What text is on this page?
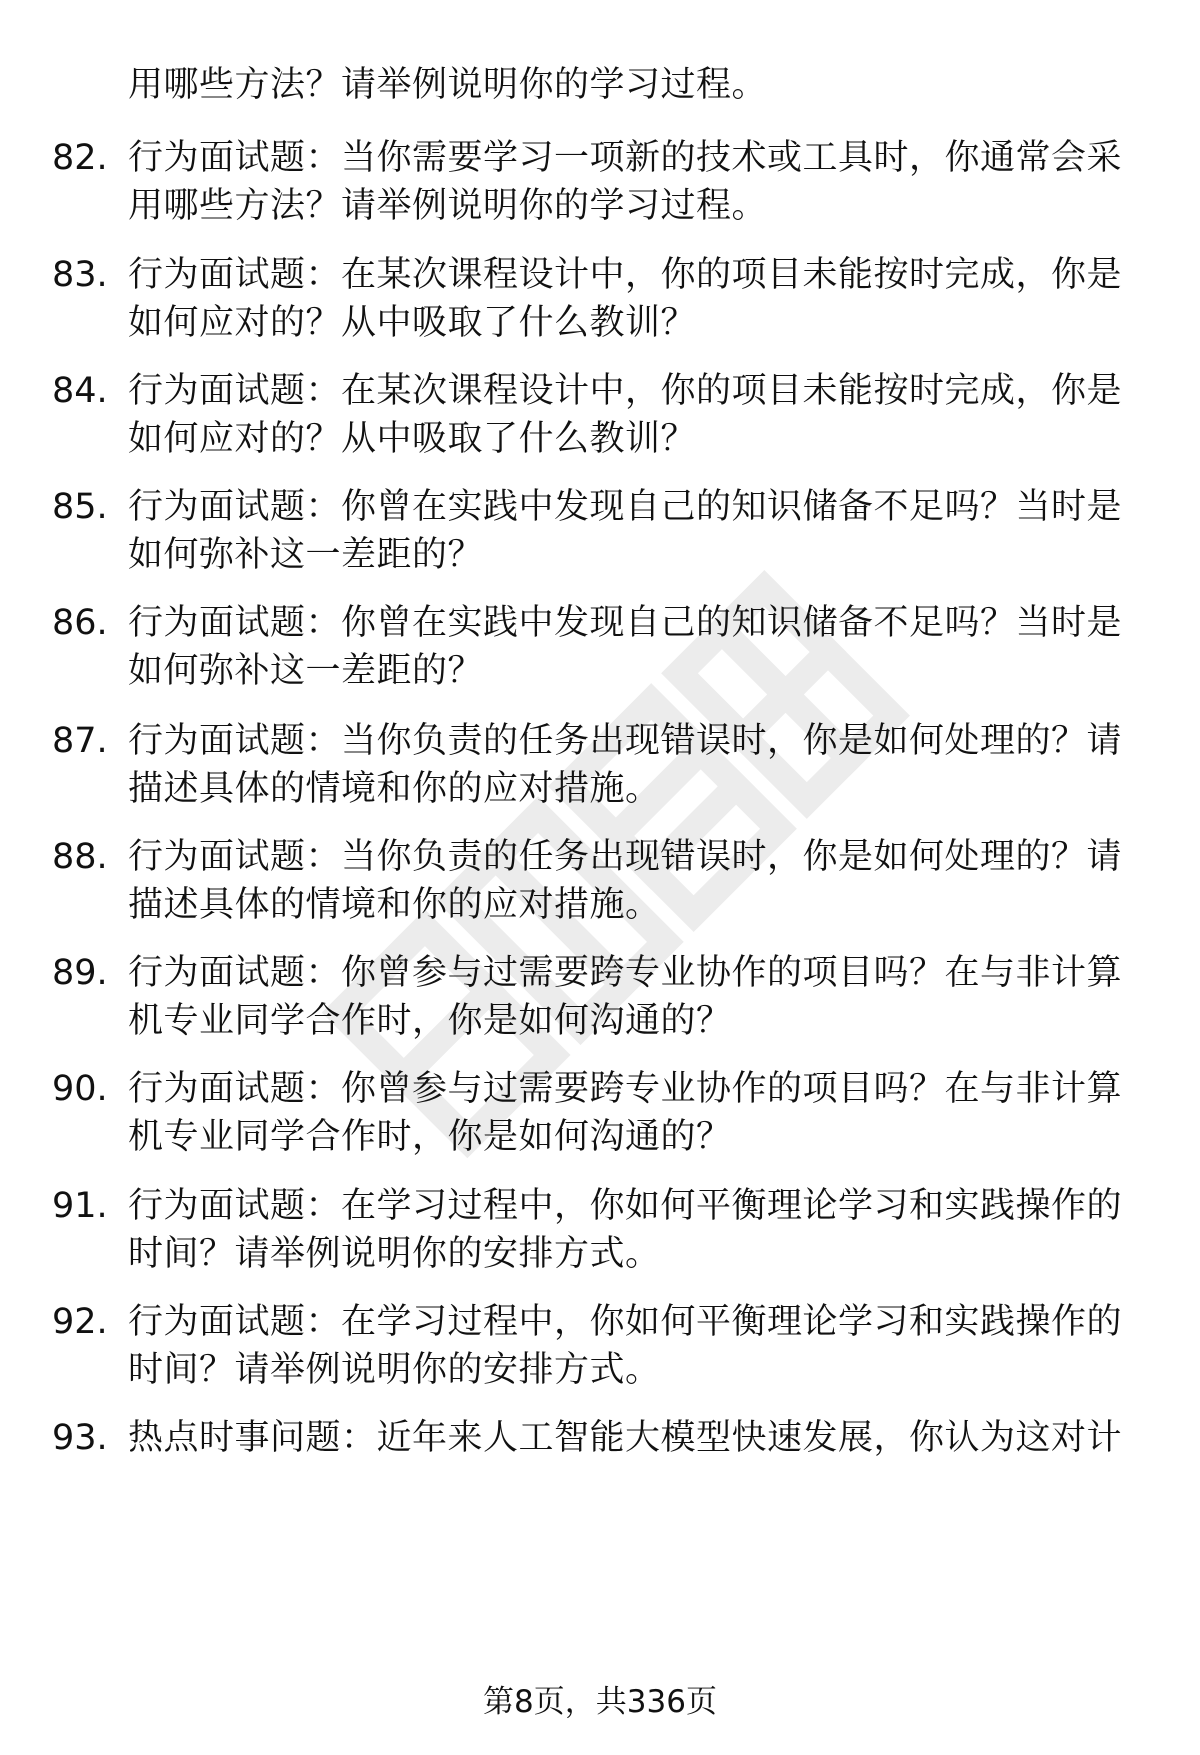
用哪些方法？请举例说明你的学习过程。
82. 行为面试题：当你需要学习一项新的技术或工具时，你通常会采
用哪些方法？请举例说明你的学习过程。
83. 行为面试题：在某次课程设计中，你的项目未能按时完成，你是
如何应对的？从中吸取了什么教训？
84. 行为面试题：在某次课程设计中，你的项目未能按时完成，你是
如何应对的？从中吸取了什么教训？
85. 行为面试题：你曾在实践中发现自己的知识储备不足吗？当时是
如何弥补这一差距的？
86. 行为面试题：你曾在实践中发现自己的知识储备不足吗？当时是
如何弥补这一差距的？
87. 行为面试题：当你负责的任务出现错误时，你是如何处理的？请
描述具体的情境和你的应对措施。
88. 行为面试题：当你负责的任务出现错误时，你是如何处理的？请
描述具体的情境和你的应对措施。
89. 行为面试题：你曾参与过需要跨专业协作的项目吗？在与非计算
机专业同学合作时，你是如何沟通的？
90. 行为面试题：你曾参与过需要跨专业协作的项目吗？在与非计算
机专业同学合作时，你是如何沟通的？
91. 行为面试题：在学习过程中，你如何平衡理论学习和实践操作的
时间？请举例说明你的安排方式。
92. 行为面试题：在学习过程中，你如何平衡理论学习和实践操作的
时间？请举例说明你的安排方式。
93. 热点时事问题：近年来人工智能大模型快速发展，你认为这对计
第8页，共336页
